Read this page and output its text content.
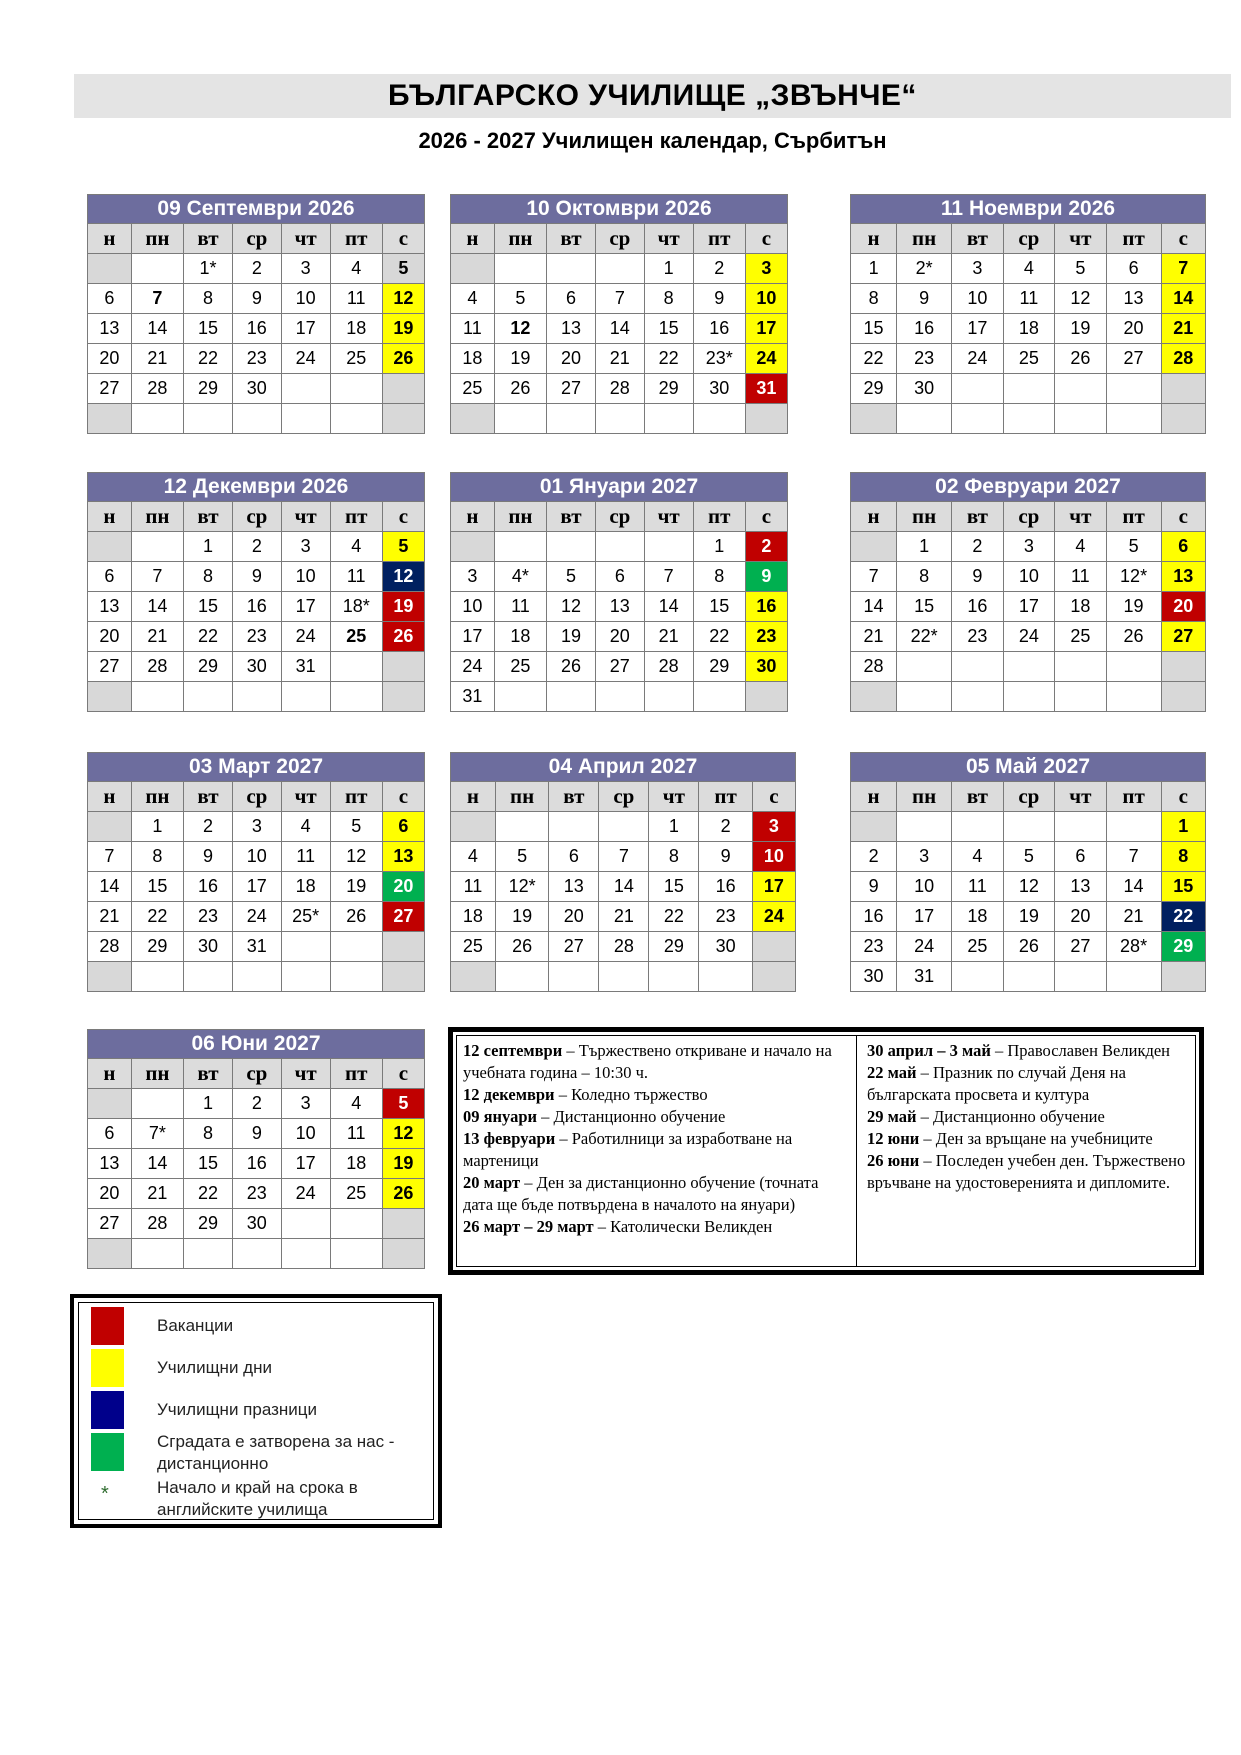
БЪЛГАРСКО УЧИЛИЩЕ „ЗВЪНЧЕ“
2026 - 2027 Училищен календар, Сърбитън
09 Септември 2026						
н	пн	вт	ср	чт	пт	с
		1*	2	3	4	5
6	7	8	9	10	11	12
13	14	15	16	17	18	19
20	21	22	23	24	25	26
27	28	29	30			

10 Октомври 2026						
н	пн	вт	ср	чт	пт	с
				1	2	3
4	5	6	7	8	9	10
11	12	13	14	15	16	17
18	19	20	21	22	23*	24
25	26	27	28	29	30	31

11 Ноември 2026						
н	пн	вт	ср	чт	пт	с
1	2*	3	4	5	6	7
8	9	10	11	12	13	14
15	16	17	18	19	20	21
22	23	24	25	26	27	28
29	30					

12 Декември 2026						
н	пн	вт	ср	чт	пт	с
		1	2	3	4	5
6	7	8	9	10	11	12
13	14	15	16	17	18*	19
20	21	22	23	24	25	26
27	28	29	30	31		

01 Януари 2027						
н	пн	вт	ср	чт	пт	с
					1	2
3	4*	5	6	7	8	9
10	11	12	13	14	15	16
17	18	19	20	21	22	23
24	25	26	27	28	29	30
31						
02 Февруари 2027						
н	пн	вт	ср	чт	пт	с
	1	2	3	4	5	6
7	8	9	10	11	12*	13
14	15	16	17	18	19	20
21	22*	23	24	25	26	27
28						

03 Март 2027						
н	пн	вт	ср	чт	пт	с
	1	2	3	4	5	6
7	8	9	10	11	12	13
14	15	16	17	18	19	20
21	22	23	24	25*	26	27
28	29	30	31			

04 Април 2027						
н	пн	вт	ср	чт	пт	с
				1	2	3
4	5	6	7	8	9	10
11	12*	13	14	15	16	17
18	19	20	21	22	23	24
25	26	27	28	29	30	

05 Май 2027						
н	пн	вт	ср	чт	пт	с
						1
2	3	4	5	6	7	8
9	10	11	12	13	14	15
16	17	18	19	20	21	22
23	24	25	26	27	28*	29
30	31					
06 Юни 2027						
н	пн	вт	ср	чт	пт	с
		1	2	3	4	5
6	7*	8	9	10	11	12
13	14	15	16	17	18	19
20	21	22	23	24	25	26
27	28	29	30			

12 септември – Тържествено откриване и начало на учебната година – 10:30 ч.
12 декември – Коледно тържество
09 януари – Дистанционно обучение
13 февруари – Работилници за изработване на мартеници
20 март – Ден за дистанционно обучение (точната дата ще бъде потвърдена в началото на януари)
26 март – 29 март – Католически Великден

30 април – 3 май – Православен Великден
22 май – Празник по случай Деня на българската просвета и култура
29 май – Дистанционно обучение
12 юни – Ден за връщане на учебниците
26 юни – Последен учебен ден. Тържествено връчване на удостоверенията и дипломите.

Ваканции
Училищни дни
Училищни празници
Сградата е затворена за нас - дистанционно
*	Начало и край на срока в английските училища
